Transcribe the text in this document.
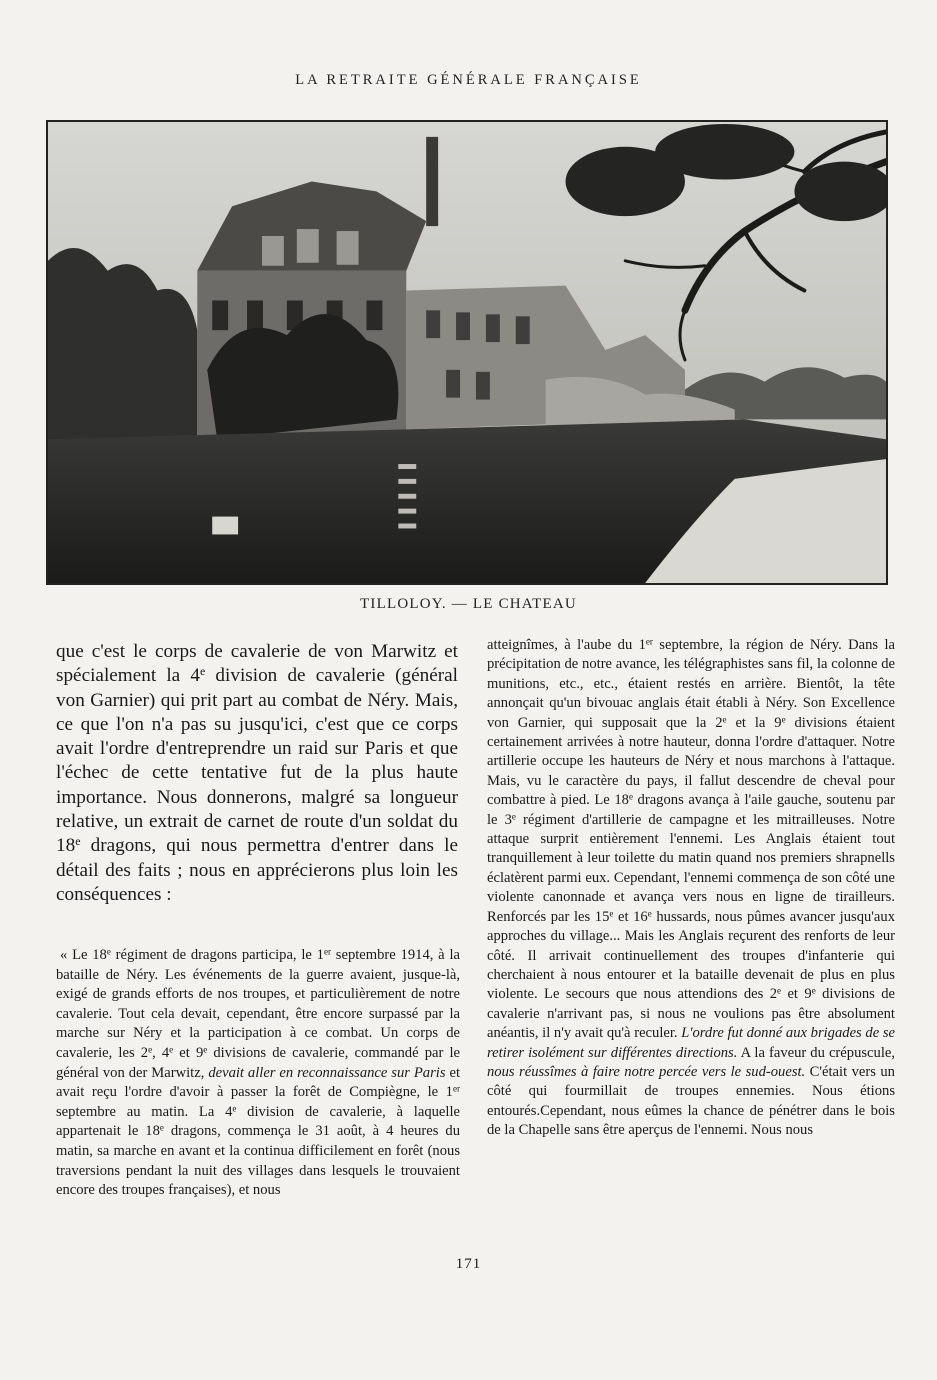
LA RETRAITE GÉNÉRALE FRANÇAISE
TILLOLOY. — LE CHATEAU

que c'est le corps de cavalerie de von Marwitz et spécialement la 4e division de cavalerie (général von Garnier) qui prit part au combat de Néry. Mais, ce que l'on n'a pas su jusqu'ici, c'est que ce corps avait l'ordre d'entreprendre un raid sur Paris et que l'échec de cette tentative fut de la plus haute importance. Nous donnerons, malgré sa longueur relative, un extrait de carnet de route d'un soldat du 18e dragons, qui nous permettra d'entrer dans le détail des faits ; nous en apprécierons plus loin les conséquences :

« Le 18e régiment de dragons participa, le 1er septembre 1914, à la bataille de Néry. Les événements de la guerre avaient, jusque-là, exigé de grands efforts de nos troupes, et particulièrement de notre cavalerie. Tout cela devait, cependant, être encore surpassé par la marche sur Néry et la participation à ce combat. Un corps de cavalerie, les 2e, 4e et 9e divisions de cavalerie, commandé par le général von der Marwitz, devait aller en reconnaissance sur Paris et avait reçu l'ordre d'avoir à passer la forêt de Compiègne, le 1er septembre au matin. La 4e division de cavalerie, à laquelle appartenait le 18e dragons, commença le 31 août, à 4 heures du matin, sa marche en avant et la continua difficilement en forêt (nous traversions pendant la nuit des villages dans lesquels le trouvaient encore des troupes françaises), et nous

atteignîmes, à l'aube du 1er septembre, la région de Néry. Dans la précipitation de notre avance, les télégraphistes sans fil, la colonne de munitions, etc., etc., étaient restés en arrière. Bientôt, la tête annonçait qu'un bivouac anglais était établi à Néry. Son Excellence von Garnier, qui supposait que la 2e et la 9e divisions étaient certainement arrivées à notre hauteur, donna l'ordre d'attaquer. Notre artillerie occupe les hauteurs de Néry et nous marchons à l'attaque. Mais, vu le caractère du pays, il fallut descendre de cheval pour combattre à pied. Le 18e dragons avança à l'aile gauche, soutenu par le 3e régiment d'artillerie de campagne et les mitrailleuses. Notre attaque surprit entièrement l'ennemi. Les Anglais étaient tout tranquillement à leur toilette du matin quand nos premiers shrapnells éclatèrent parmi eux. Cependant, l'ennemi commença de son côté une violente canonnade et avança vers nous en ligne de tirailleurs. Renforcés par les 15e et 16e hussards, nous pûmes avancer jusqu'aux approches du village... Mais les Anglais reçurent des renforts de leur côté. Il arrivait continuellement des troupes d'infanterie qui cherchaient à nous entourer et la bataille devenait de plus en plus violente. Le secours que nous attendions des 2e et 9e divisions de cavalerie n'arrivant pas, si nous ne voulions pas être absolument anéantis, il n'y avait qu'à reculer. L'ordre fut donné aux brigades de se retirer isolément sur différentes directions. A la faveur du crépuscule, nous réussîmes à faire notre percée vers le sud-ouest. C'était vers un côté qui fourmillait de troupes ennemies. Nous étions entourés.Cependant, nous eûmes la chance de pénétrer dans le bois de la Chapelle sans être aperçus de l'ennemi. Nous nous

171
